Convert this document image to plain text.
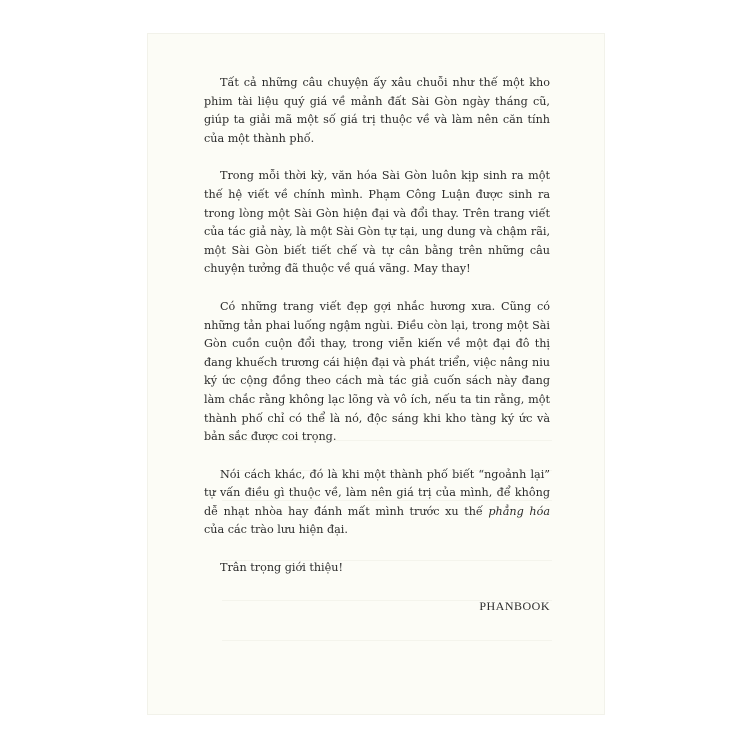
Tất cả những câu chuyện ấy xâu chuỗi như thế một kho phim tài liệu quý giá về mảnh đất Sài Gòn ngày tháng cũ, giúp ta giải mã một số giá trị thuộc về và làm nên căn tính của một thành phố.

Trong mỗi thời kỳ, văn hóa Sài Gòn luôn kịp sinh ra một thế hệ viết về chính mình. Phạm Công Luận được sinh ra trong lòng một Sài Gòn hiện đại và đổi thay. Trên trang viết của tác giả này, là một Sài Gòn tự tại, ung dung và chậm rãi, một Sài Gòn biết tiết chế và tự cân bằng trên những câu chuyện tưởng đã thuộc về quá vãng. May thay!

Có những trang viết đẹp gợi nhắc hương xưa. Cũng có những tản phai luống ngậm ngùi. Điều còn lại, trong một Sài Gòn cuồn cuộn đổi thay, trong viễn kiến về một đại đô thị đang khuếch trương cái hiện đại và phát triển, việc nâng niu ký ức cộng đồng theo cách mà tác giả cuốn sách này đang làm chắc rằng không lạc lõng và vô ích, nếu ta tin rằng, một thành phố chỉ có thể là nó, độc sáng khi kho tàng ký ức và bản sắc được coi trọng.

Nói cách khác, đó là khi một thành phố biết “ngoảnh lại” tự vấn điều gì thuộc về, làm nên giá trị của mình, để không dễ nhạt nhòa hay đánh mất mình trước xu thế phẳng hóa của các trào lưu hiện đại.

Trân trọng giới thiệu!

PHANBOOK
